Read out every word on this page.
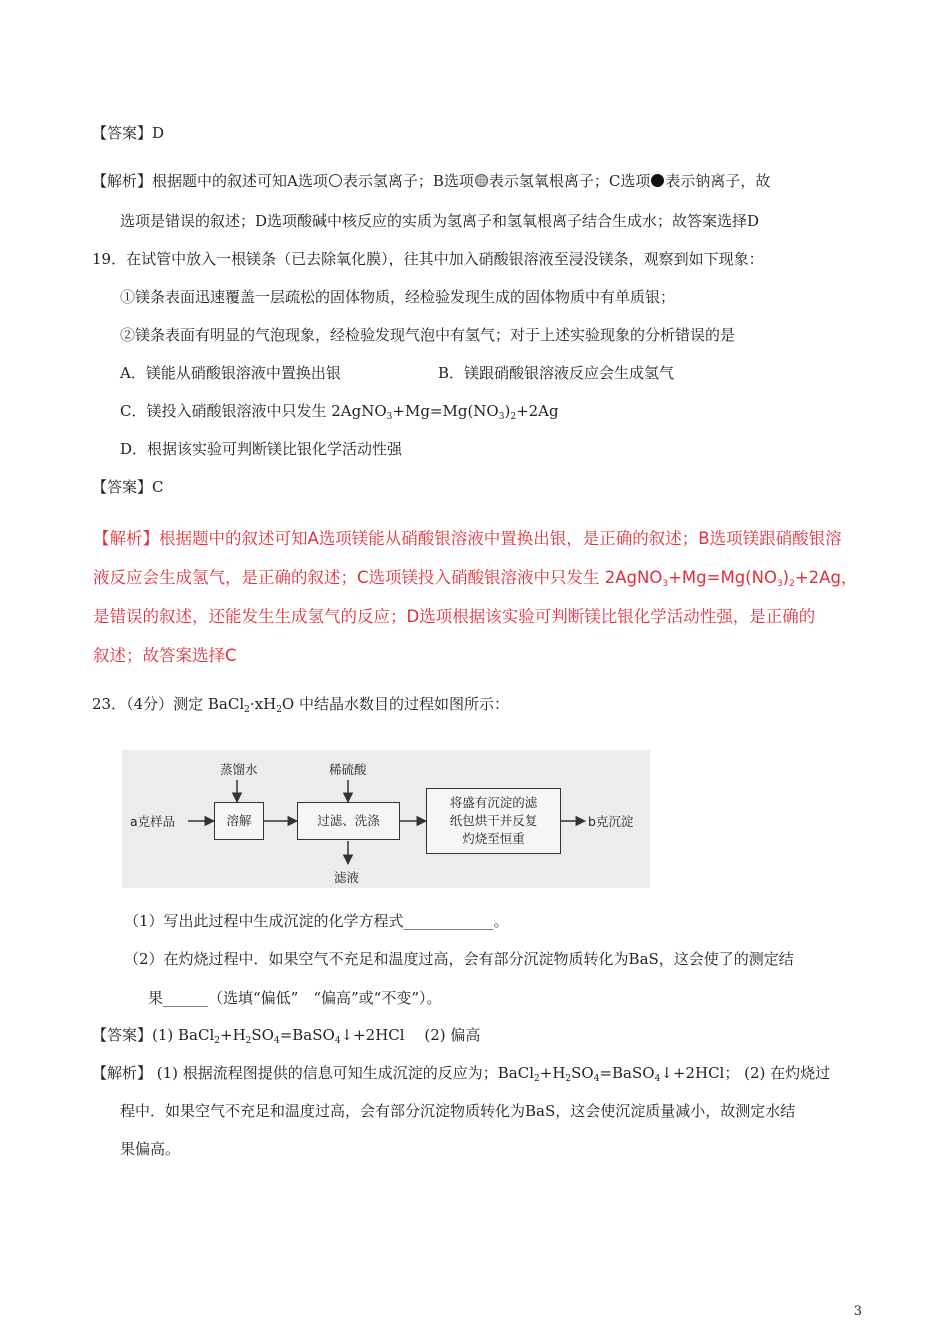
【答案】D
【解析】根据题中的叙述可知A选项 表示氢离子；B选项 表示氢氧根离子；C选项 表示钠离子，故
选项是错误的叙述；D选项酸碱中核反应的实质为氢离子和氢氧根离子结合生成水；故答案选择D
19．在试管中放入一根镁条（已去除氧化膜），往其中加入硝酸银溶液至浸没镁条，观察到如下现象：
①镁条表面迅速覆盖一层疏松的固体物质，经检验发现生成的固体物质中有单质银；
②镁条表面有明显的气泡现象，经检验发现气泡中有氢气；对于上述实验现象的分析错误的是
A．镁能从硝酸银溶液中置换出银	B．镁跟硝酸银溶液反应会生成氢气
C．镁投入硝酸银溶液中只发生 $2AgNO_3+Mg=Mg(NO_3)_2+2Ag$
D．根据该实验可判断镁比银化学活动性强
【答案】C
【解析】根据题中的叙述可知A选项镁能从硝酸银溶液中置换出银，是正确的叙述；B选项镁跟硝酸银溶
液反应会生成氢气，是正确的叙述；C选项镁投入硝酸银溶液中只发生 $2AgNO_3+Mg=Mg(NO_3)_2+2Ag$，
是错误的叙述，还能发生生成氢气的反应；D选项根据该实验可判断镁比银化学活动性强，是正确的
叙述；故答案选择C
23．（4分）测定 $BaCl_2\cdot xH_2O$ 中结晶水数目的过程如图所示：
a克样品
蒸馏水
溶解
稀硫酸
过滤、洗涤
滤液
将盛有沉淀的滤纸包烘干并反复灼烧至恒重
b克沉淀
（1）写出此过程中生成沉淀的化学方程式____________。
（2）在灼烧过程中．如果空气不充足和温度过高，会有部分沉淀物质转化为BaS，这会使了的测定结
果______（选填“偏低”　“偏高”或“不变”）。
【答案】(1) $BaCl_2+H_2SO_4=BaSO_4↓+2HCl$　 (2) 偏高
【解析】 (1) 根据流程图提供的信息可知生成沉淀的反应为；$BaCl_2+H_2SO_4=BaSO_4↓+2HCl$； (2) 在灼烧过
程中．如果空气不充足和温度过高，会有部分沉淀物质转化为BaS，这会使沉淀质量减小，故测定水结
果偏高。
3
